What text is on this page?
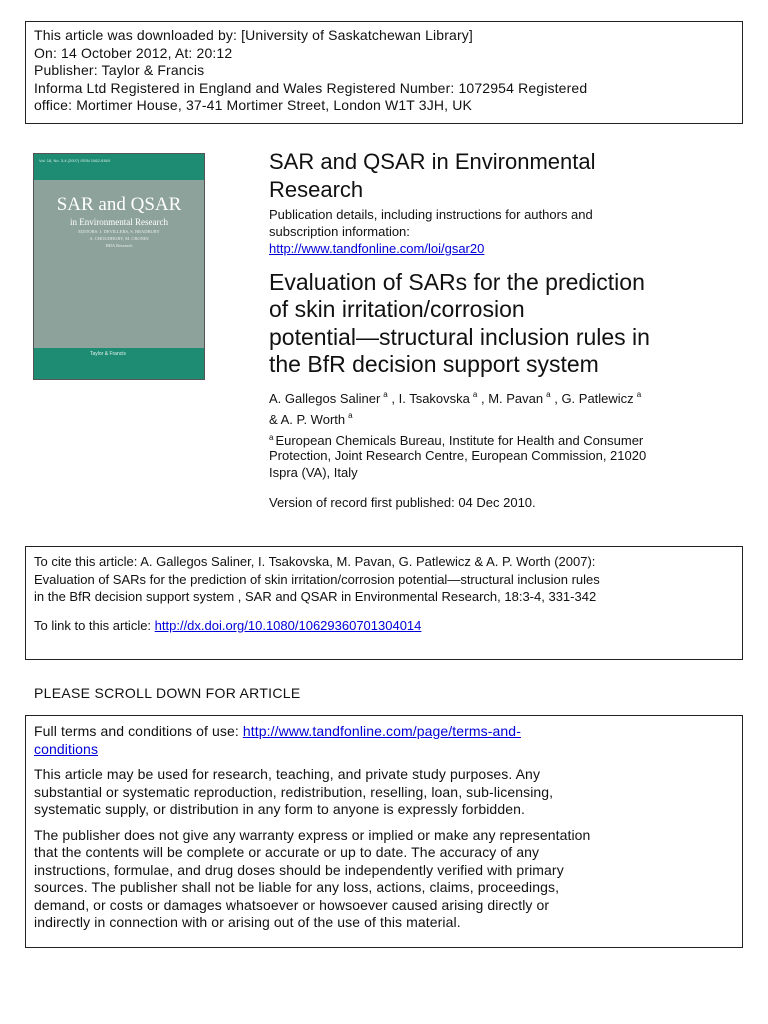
This article was downloaded by: [University of Saskatchewan Library]
On: 14 October 2012, At: 20:12
Publisher: Taylor & Francis
Informa Ltd Registered in England and Wales Registered Number: 1072954 Registered
office: Mortimer House, 37-41 Mortimer Street, London W1T 3JH, UK
Vol. 18, No. 3-4 (2007) ISSN 1062-936X
SAR and QSAR
in Environmental Research
EDITORS: J. DEVILLERS, S. BRADBURY
A. CHOUDHURY, M. CRONIN
HDA Research
Taylor & Francis
SAR and QSAR in Environmental
Research
Publication details, including instructions for authors and
subscription information:
http://www.tandfonline.com/loi/gsar20
Evaluation of SARs for the prediction
of skin irritation/corrosion
potential—structural inclusion rules in
the BfR decision support system
A. Gallegos Saliner $^a$ , I. Tsakovska $^a$ , M. Pavan $^a$ , G. Patlewicz $^a$
& A. P. Worth $^a$
$^a$ European Chemicals Bureau, Institute for Health and Consumer
Protection, Joint Research Centre, European Commission, 21020
Ispra (VA), Italy
Version of record first published: 04 Dec 2010.
To cite this article: A. Gallegos Saliner, I. Tsakovska, M. Pavan, G. Patlewicz & A. P. Worth (2007):
Evaluation of SARs for the prediction of skin irritation/corrosion potential—structural inclusion rules
in the BfR decision support system , SAR and QSAR in Environmental Research, 18:3-4, 331-342
To link to this article: http://dx.doi.org/10.1080/10629360701304014
PLEASE SCROLL DOWN FOR ARTICLE
Full terms and conditions of use: http://www.tandfonline.com/page/terms-and-
conditions
This article may be used for research, teaching, and private study purposes. Any
substantial or systematic reproduction, redistribution, reselling, loan, sub-licensing,
systematic supply, or distribution in any form to anyone is expressly forbidden.
The publisher does not give any warranty express or implied or make any representation
that the contents will be complete or accurate or up to date. The accuracy of any
instructions, formulae, and drug doses should be independently verified with primary
sources. The publisher shall not be liable for any loss, actions, claims, proceedings,
demand, or costs or damages whatsoever or howsoever caused arising directly or
indirectly in connection with or arising out of the use of this material.
